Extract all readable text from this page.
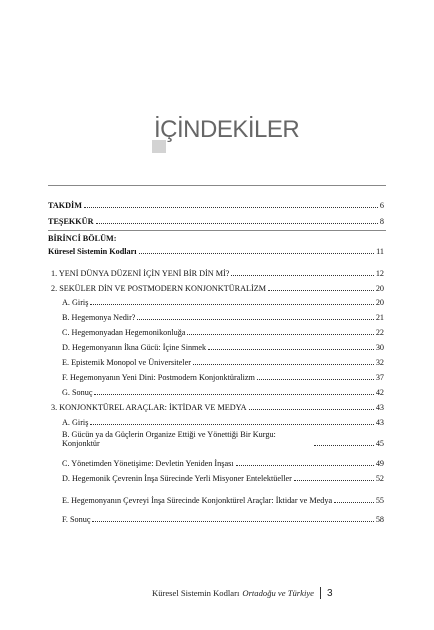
İÇİNDEKİLER
TAKDİM	6
TEŞEKKÜR	8
BİRİNCİ BÖLÜM:
Küresel Sistemin Kodları	11
1. YENİ DÜNYA DÜZENİ İÇİN YENİ BİR DİN Mİ?	12
2. SEKÜLER DİN VE POSTMODERN KONJONKTÜRALİZM	20
A. Giriş	20
B. Hegemonya Nedir?	21
C. Hegemonyadan Hegemonikonluğa	22
D. Hegemonyanın İkna Gücü: İçine Sinmek	30
E. Epistemik Monopol ve Üniversiteler	32
F. Hegemonyanın Yeni Dini: Postmodern Konjonktüralizm	37
G. Sonuç	42
3. KONJONKTÜREL ARAÇLAR: İKTİDAR VE MEDYA	43
A. Giriş	43
B. Gücün ya da Güçlerin Organize Ettiği ve Yönettiği Bir Kurgu: Konjonktür	45
C. Yönetimden Yönetişime: Devletin Yeniden İnşası	49
D. Hegemonik Çevrenin İnşa Sürecinde Yerli Misyoner Entelektüeller	52
E. Hegemonyanın Çevreyi İnşa Sürecinde Konjonktürel Araçlar: İktidar ve Medya	55
F. Sonuç	58
Küresel Sistemin Kodları Ortadoğu ve Türkiye 3
